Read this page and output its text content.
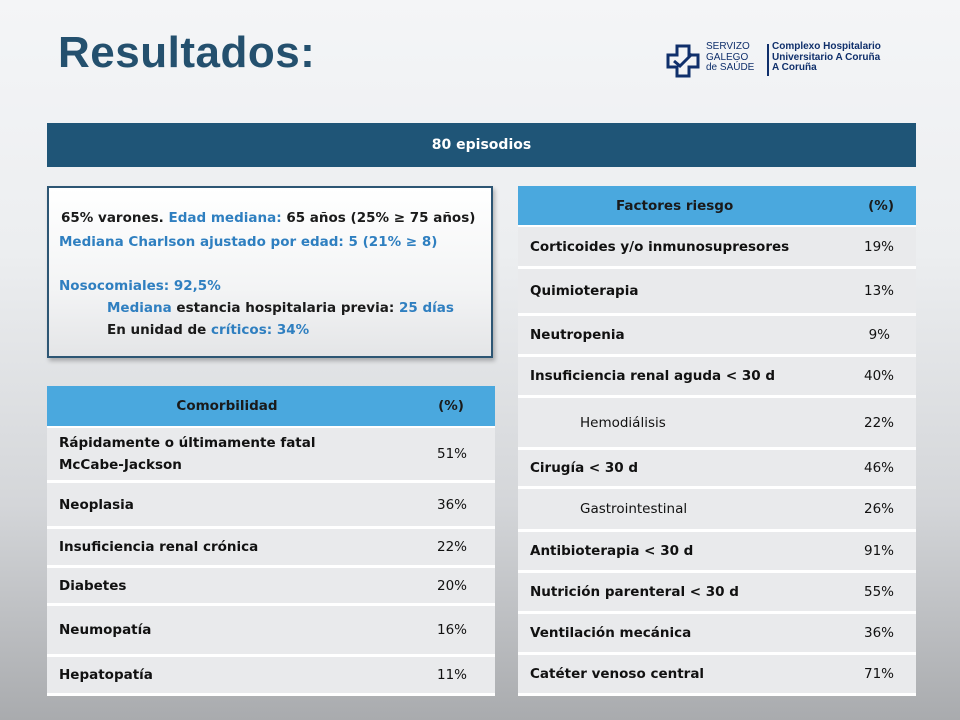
Resultados:	SERVIZO
GALEGO
de SAÚDE
Complexo Hospitalario
Universitario A Coruña
A Coruña
80 episodios
65% varones. Edad mediana: 65 años (25% ≥ 75 años)
Mediana Charlson ajustado por edad: 5 (21% ≥ 8)
Nosocomiales: 92,5%
Mediana estancia hospitalaria previa: 25 días
En unidad de críticos: 34%
Comorbilidad	(%)
Rápidamente o últimamente fatal
McCabe-Jackson	51%
Neoplasia	36%
Insuficiencia renal crónica	22%
Diabetes	20%
Neumopatía	16%
Hepatopatía	11%
Factores riesgo	(%)
Corticoides y/o inmunosupresores	19%
Quimioterapia	13%
Neutropenia	9%
Insuficiencia renal aguda < 30 d	40%
Hemodiálisis	22%
Cirugía < 30 d	46%
Gastrointestinal	26%
Antibioterapia < 30 d	91%
Nutrición parenteral < 30 d	55%
Ventilación mecánica	36%
Catéter venoso central	71%
